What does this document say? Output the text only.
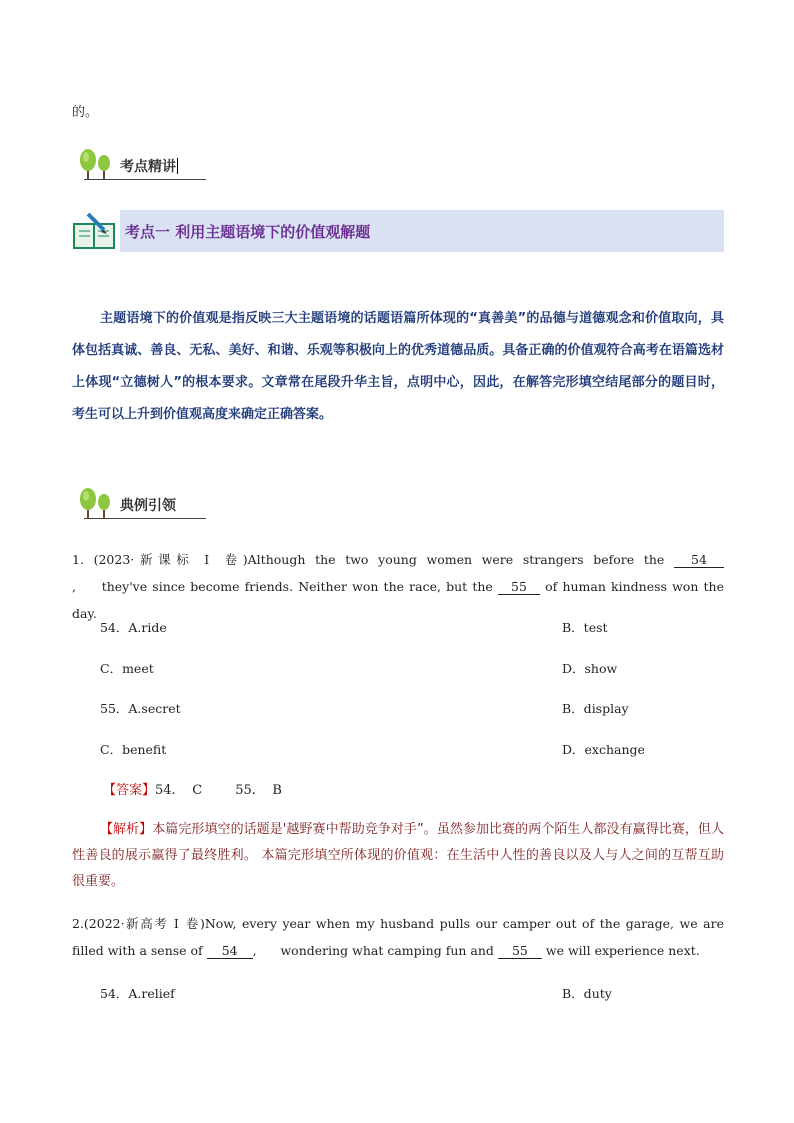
的。
考点精讲
考点一 利用主题语境下的价值观解题
主题语境下的价值观是指反映三大主题语境的话题语篇所体现的“真善美”的品德与道德观念和价值取向，具体包括真诚、善良、无私、美好、和谐、乐观等积极向上的优秀道德品质。具备正确的价值观符合高考在语篇选材上体现“立德树人”的根本要求。文章常在尾段升华主旨，点明中心，因此，在解答完形填空结尾部分的题目时，考生可以上升到价值观高度来确定正确答案。
典例引领
1. (2023·新课标 Ⅰ 卷)Although the two young women were strangers before the 54,     they've since become friends. Neither won the race, but the 55 of human kindness won the day.
54．A.ride	B．test
C．meet	D．show
55．A.secret	B．display
C．benefit	D．exchange
【答案】54.    C        55.    B
【解析】本篇完形填空的话题是'越野赛中帮助竞争对手”。虽然参加比赛的两个陌生人都没有赢得比赛，但人性善良的展示赢得了最终胜利。 本篇完形填空所体现的价值观：在生活中人性的善良以及人与人之间的互帮互助很重要。
2.(2022·新高考 Ⅰ 卷)Now, every year when my husband pulls our camper out of the garage, we are filled with a sense of 54 ,      wondering what camping fun and 55 we will experience next.
54．A.relief	B．duty
